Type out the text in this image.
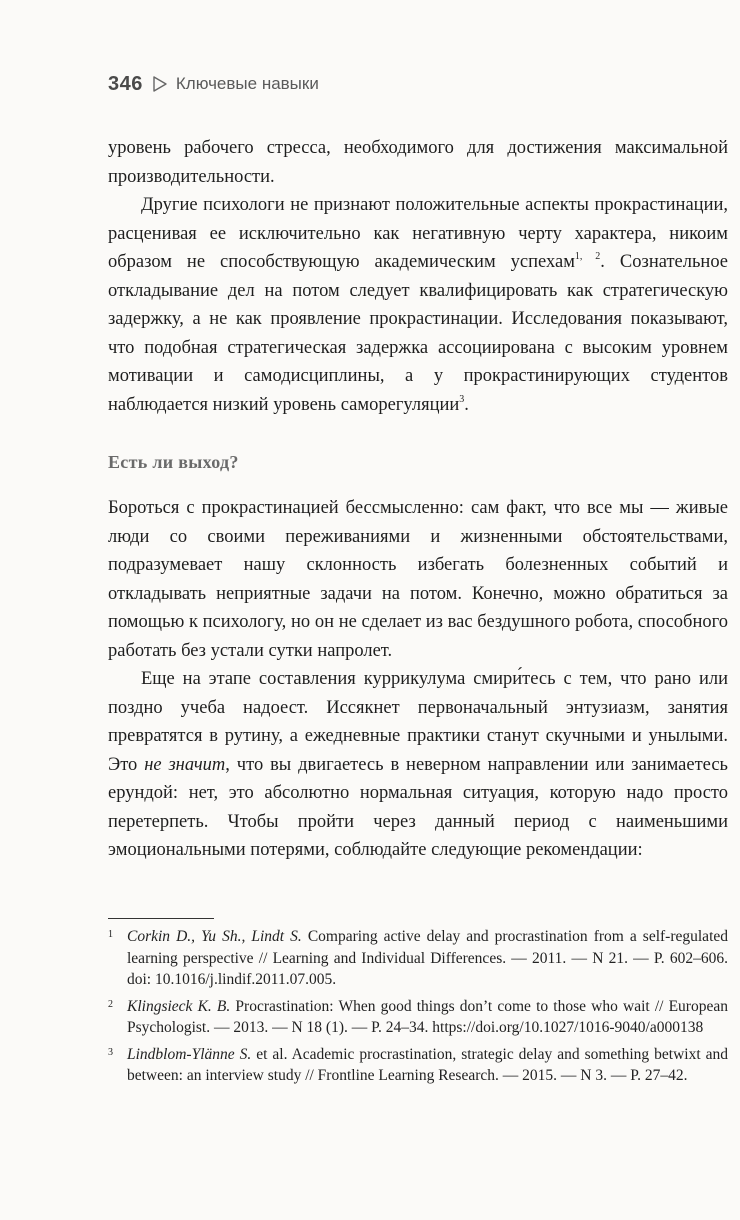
346 Ключевые навыки

уровень рабочего стресса, необходимого для достижения максимальной производительности.

Другие психологи не признают положительные аспекты прокрастинации, расценивая ее исключительно как негативную черту характера, никоим образом не способствующую академическим успехам$^{1, 2}$. Сознательное откладывание дел на потом следует квалифицировать как стратегическую задержку, а не как проявление прокрастинации. Исследования показывают, что подобная стратегическая задержка ассоциирована с высоким уровнем мотивации и самодисциплины, а у прокрастинирующих студентов наблюдается низкий уровень саморегуляции$^3$.

Есть ли выход?

Бороться с прокрастинацией бессмысленно: сам факт, что все мы — живые люди со своими переживаниями и жизненными обстоятельствами, подразумевает нашу склонность избегать болезненных событий и откладывать неприятные задачи на потом. Конечно, можно обратиться за помощью к психологу, но он не сделает из вас бездушного робота, способного работать без устали сутки напролет.

Еще на этапе составления куррикулума смири́тесь с тем, что рано или поздно учеба надоест. Иссякнет первоначальный энтузиазм, занятия превратятся в рутину, а ежедневные практики станут скучными и унылыми. Это не значит, что вы двигаетесь в неверном направлении или занимаетесь ерундой: нет, это абсолютно нормальная ситуация, которую надо просто перетерпеть. Чтобы пройти через данный период с наименьшими эмоциональными потерями, соблюдайте следующие рекомендации:

1 Corkin D., Yu Sh., Lindt S. Comparing active delay and procrastination from a self-regulated learning perspective // Learning and Individual Differences. — 2011. — N 21. — P. 602–606. doi: 10.1016/j.lindif.2011.07.005.
2 Klingsieck K. B. Procrastination: When good things don’t come to those who wait // European Psychologist. — 2013. — N 18 (1). — P. 24–34. https://doi.org/10.1027/1016-9040/a000138
3 Lindblom-Ylänne S. et al. Academic procrastination, strategic delay and something betwixt and between: an interview study // Frontline Learning Research. — 2015. — N 3. — P. 27–42.
